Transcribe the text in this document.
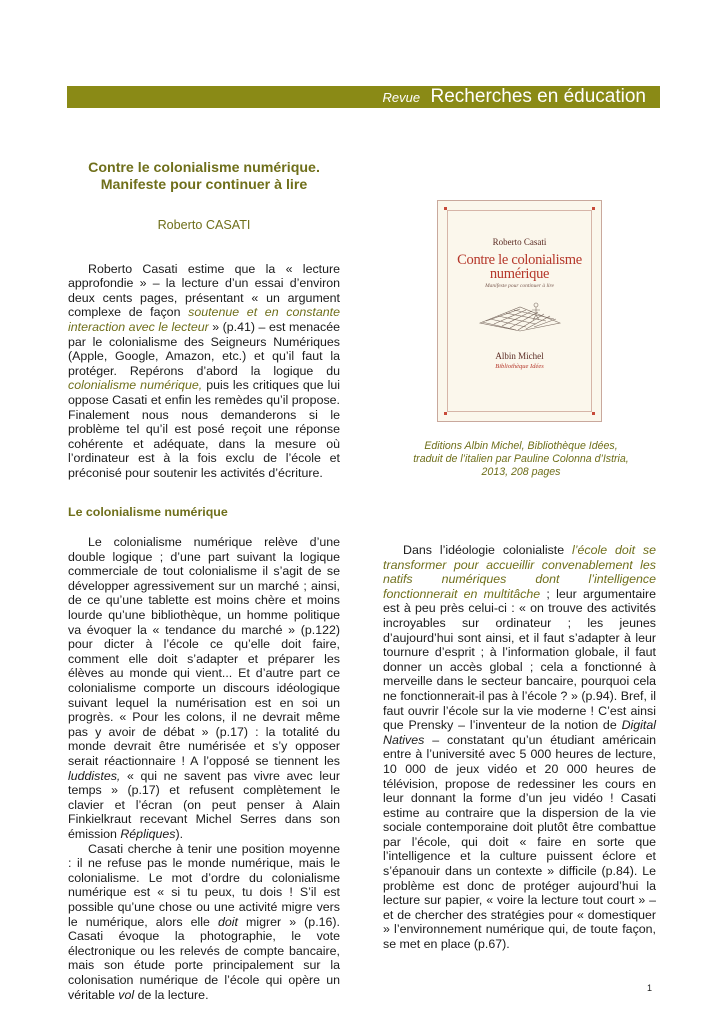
Revue Recherches en éducation
Contre le colonialisme numérique.
Manifeste pour continuer à lire
Roberto CASATI

Roberto Casati estime que la « lecture approfondie » – la lecture d’un essai d’environ deux cents pages, présentant « un argument complexe de façon soutenue et en constante interaction avec le lecteur » (p.41) – est menacée par le colonialisme des Seigneurs Numériques (Apple, Google, Amazon, etc.) et qu’il faut la protéger. Repérons d’abord la logique du colonialisme numérique, puis les critiques que lui oppose Casati et enfin les remèdes qu’il propose. Finalement nous nous demanderons si le problème tel qu’il est posé reçoit une réponse cohérente et adéquate, dans la mesure où l’ordinateur est à la fois exclu de l’école et préconisé pour soutenir les activités d’écriture.

Le colonialisme numérique

Le colonialisme numérique relève d’une double logique ; d’une part suivant la logique commerciale de tout colonialisme il s’agit de se développer agressivement sur un marché ; ainsi, de ce qu’une tablette est moins chère et moins lourde qu’une bibliothèque, un homme politique va évoquer la « tendance du marché » (p.122) pour dicter à l’école ce qu’elle doit faire, comment elle doit s’adapter et préparer les élèves au monde qui vient... Et d’autre part ce colonialisme comporte un discours idéologique suivant lequel la numérisation est en soi un progrès. « Pour les colons, il ne devrait même pas y avoir de débat » (p.17) : la totalité du monde devrait être numérisée et s’y opposer serait réactionnaire ! A l’opposé se tiennent les luddistes, « qui ne savent pas vivre avec leur temps » (p.17) et refusent complètement le clavier et l’écran (on peut penser à Alain Finkielkraut recevant Michel Serres dans son émission Répliques).

Casati cherche à tenir une position moyenne : il ne refuse pas le monde numérique, mais le colonialisme. Le mot d’ordre du colonialisme numérique est « si tu peux, tu dois ! S’il est possible qu’une chose ou une activité migre vers le numérique, alors elle doit migrer » (p.16). Casati évoque la photographie, le vote électronique ou les relevés de compte bancaire, mais son étude porte principalement sur la colonisation numérique de l’école qui opère un véritable vol de la lecture.

Roberto Casati
Contre le colonialisme
numérique
Manifeste pour continuer à lire
Albin Michel
Bibliothèque Idées
Editions Albin Michel, Bibliothèque Idées,
traduit de l’italien par Pauline Colonna d’Istria,
2013, 208 pages

Dans l’idéologie colonialiste l’école doit se transformer pour accueillir convenablement les natifs numériques dont l’intelligence fonctionnerait en multitâche ; leur argumentaire est à peu près celui-ci : « on trouve des activités incroyables sur ordinateur ; les jeunes d’aujourd’hui sont ainsi, et il faut s’adapter à leur tournure d’esprit ; à l’information globale, il faut donner un accès global ; cela a fonctionné à merveille dans le secteur bancaire, pourquoi cela ne fonctionnerait-il pas à l’école ? » (p.94). Bref, il faut ouvrir l’école sur la vie moderne ! C’est ainsi que Prensky – l’inventeur de la notion de Digital Natives – constatant qu’un étudiant américain entre à l’université avec 5 000 heures de lecture, 10 000 de jeux vidéo et 20 000 heures de télévision, propose de redessiner les cours en leur donnant la forme d’un jeu vidéo ! Casati estime au contraire que la dispersion de la vie sociale contemporaine doit plutôt être combattue par l’école, qui doit « faire en sorte que l’intelligence et la culture puissent éclore et s’épanouir dans un contexte » difficile (p.84). Le problème est donc de protéger aujourd’hui la lecture sur papier, « voire la lecture tout court » – et de chercher des stratégies pour « domestiquer » l’environnement numérique qui, de toute façon, se met en place (p.67).

1
